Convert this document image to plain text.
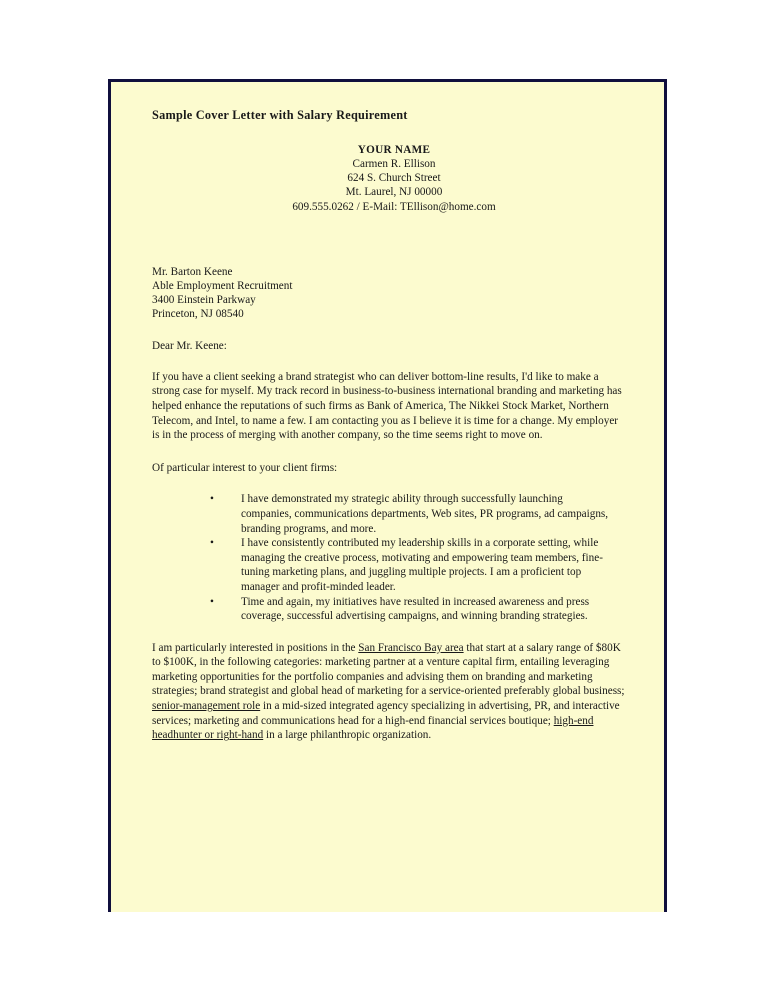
Sample Cover Letter with Salary Requirement
YOUR NAME
Carmen R. Ellison
624 S. Church Street
Mt. Laurel, NJ 00000
609.555.0262 / E-Mail: TEllison@home.com
Mr. Barton Keene
Able Employment Recruitment
3400 Einstein Parkway
Princeton, NJ 08540
Dear Mr. Keene:

If you have a client seeking a brand strategist who can deliver bottom-line results, I'd like to make a strong case for myself. My track record in business-to-business international branding and marketing has helped enhance the reputations of such firms as Bank of America, The Nikkei Stock Market, Northern Telecom, and Intel, to name a few. I am contacting you as I believe it is time for a change. My employer is in the process of merging with another company, so the time seems right to move on.

Of particular interest to your client firms:
• I have demonstrated my strategic ability through successfully launching companies, communications departments, Web sites, PR programs, ad campaigns, branding programs, and more.
• I have consistently contributed my leadership skills in a corporate setting, while managing the creative process, motivating and empowering team members, fine-tuning marketing plans, and juggling multiple projects. I am a proficient top manager and profit-minded leader.
• Time and again, my initiatives have resulted in increased awareness and press coverage, successful advertising campaigns, and winning branding strategies.

I am particularly interested in positions in the San Francisco Bay area that start at a salary range of $80K to $100K, in the following categories: marketing partner at a venture capital firm, entailing leveraging marketing opportunities for the portfolio companies and advising them on branding and marketing strategies; brand strategist and global head of marketing for a service-oriented preferably global business; senior-management role in a mid-sized integrated agency specializing in advertising, PR, and interactive services; marketing and communications head for a high-end financial services boutique; high-end headhunter or right-hand in a large philanthropic organization.
